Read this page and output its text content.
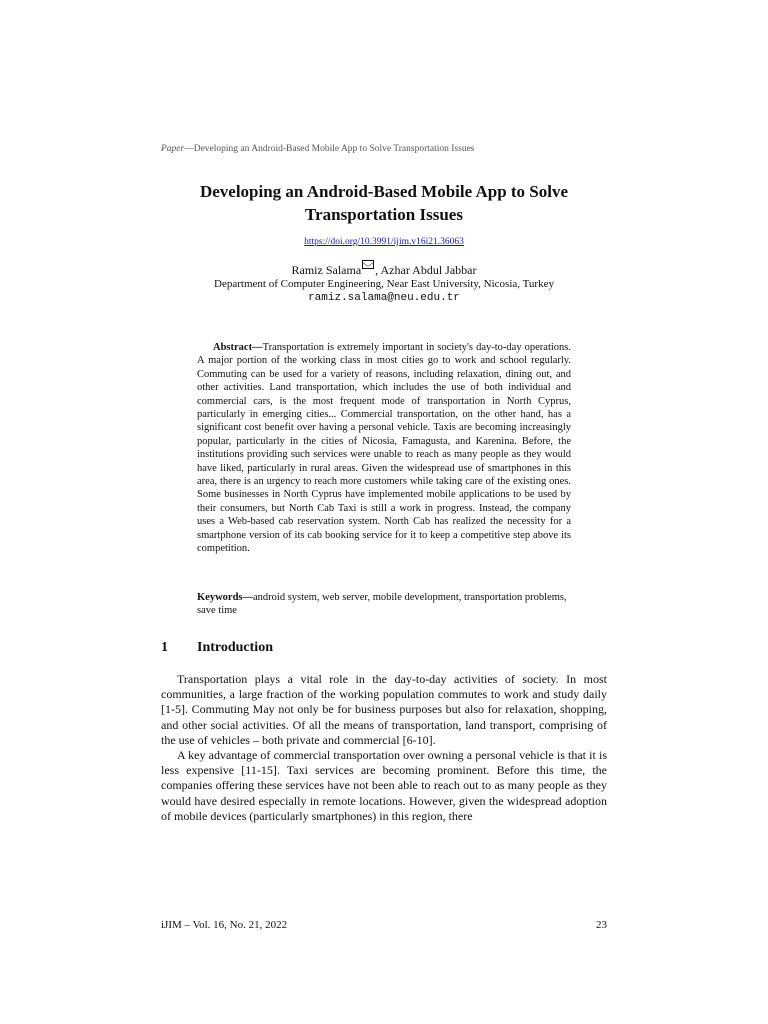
Paper—Developing an Android-Based Mobile App to Solve Transportation Issues
Developing an Android-Based Mobile App to Solve Transportation Issues
https://doi.org/10.3991/ijim.v16i21.36063
Ramiz Salama , Azhar Abdul Jabbar
Department of Computer Engineering, Near East University, Nicosia, Turkey
ramiz.salama@neu.edu.tr

Abstract—Transportation is extremely important in society's day-to-day operations. A major portion of the working class in most cities go to work and school regularly. Commuting can be used for a variety of reasons, including relaxation, dining out, and other activities. Land transportation, which includes the use of both individual and commercial cars, is the most frequent mode of transportation in North Cyprus, particularly in emerging cities... Commercial transportation, on the other hand, has a significant cost benefit over having a personal vehicle. Taxis are becoming increasingly popular, particularly in the cities of Nicosia, Famagusta, and Karenina. Before, the institutions providing such services were unable to reach as many people as they would have liked, particularly in rural areas. Given the widespread use of smartphones in this area, there is an urgency to reach more customers while taking care of the existing ones. Some businesses in North Cyprus have implemented mobile applications to be used by their consumers, but North Cab Taxi is still a work in progress. Instead, the company uses a Web-based cab reservation system. North Cab has realized the necessity for a smartphone version of its cab booking service for it to keep a competitive step above its competition.

Keywords—android system, web server, mobile development, transportation problems, save time

1 Introduction

Transportation plays a vital role in the day-to-day activities of society. In most communities, a large fraction of the working population commutes to work and study daily [1-5]. Commuting May not only be for business purposes but also for relaxation, shopping, and other social activities. Of all the means of transportation, land transport, comprising of the use of vehicles – both private and commercial [6-10].

A key advantage of commercial transportation over owning a personal vehicle is that it is less expensive [11-15]. Taxi services are becoming prominent. Before this time, the companies offering these services have not been able to reach out to as many people as they would have desired especially in remote locations. However, given the widespread adoption of mobile devices (particularly smartphones) in this region, there

iJIM – Vol. 16, No. 21, 2022	23
